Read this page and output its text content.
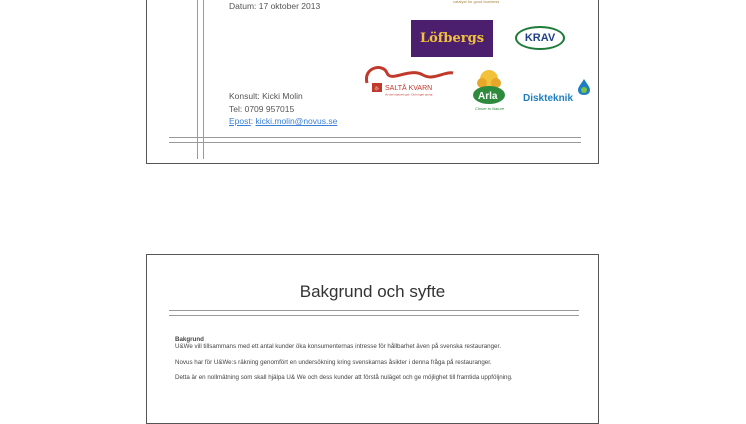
Datum: 17 oktober 2013
Konsult: Kicki Molin
Tel: 0709 957015
Epost: kicki.molin@novus.se
catalyst for good business
Löfbergs	KRAV
☼ SALTÅ KVARN
Av det naturen ger. Och inget annat.	Arla
Closer to Nature
Diskteknik
Bakgrund och syfte

Bakgrund
U&We vill tillsammans med ett antal kunder öka konsumenternas intresse för hållbarhet även på svenska restauranger.

Novus har för U&We:s räkning genomfört en undersökning kring svenskarnas åsikter i denna fråga på restauranger.

Detta är en nollmätning som skall hjälpa U& We och dess kunder att förstå nuläget och ge möjlighet till framtida uppföljning.
